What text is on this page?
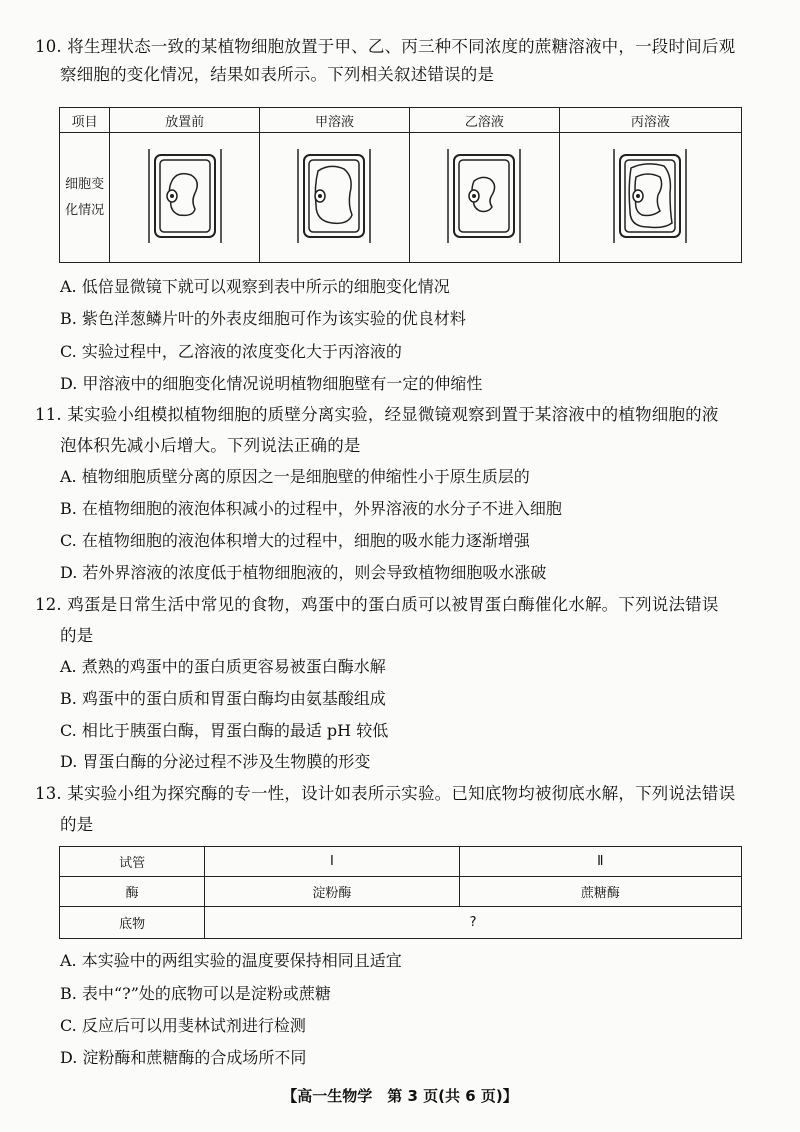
10. 将生理状态一致的某植物细胞放置于甲、乙、丙三种不同浓度的蔗糖溶液中，一段时间后观
察细胞的变化情况，结果如表所示。下列相关叙述错误的是
项目	放置前	甲溶液	乙溶液	丙溶液

细胞变
化情况

A. 低倍显微镜下就可以观察到表中所示的细胞变化情况
B. 紫色洋葱鳞片叶的外表皮细胞可作为该实验的优良材料
C. 实验过程中，乙溶液的浓度变化大于丙溶液的
D. 甲溶液中的细胞变化情况说明植物细胞壁有一定的伸缩性
11. 某实验小组模拟植物细胞的质壁分离实验，经显微镜观察到置于某溶液中的植物细胞的液
泡体积先减小后增大。下列说法正确的是
A. 植物细胞质壁分离的原因之一是细胞壁的伸缩性小于原生质层的
B. 在植物细胞的液泡体积减小的过程中，外界溶液的水分子不进入细胞
C. 在植物细胞的液泡体积增大的过程中，细胞的吸水能力逐渐增强
D. 若外界溶液的浓度低于植物细胞液的，则会导致植物细胞吸水涨破
12. 鸡蛋是日常生活中常见的食物，鸡蛋中的蛋白质可以被胃蛋白酶催化水解。下列说法错误
的是
A. 煮熟的鸡蛋中的蛋白质更容易被蛋白酶水解
B. 鸡蛋中的蛋白质和胃蛋白酶均由氨基酸组成
C. 相比于胰蛋白酶，胃蛋白酶的最适 pH 较低
D. 胃蛋白酶的分泌过程不涉及生物膜的形变
13. 某实验小组为探究酶的专一性，设计如表所示实验。已知底物均被彻底水解，下列说法错误
的是
试管	Ⅰ	Ⅱ
酶	淀粉酶	蔗糖酶
底物	?	
A. 本实验中的两组实验的温度要保持相同且适宜
B. 表中“?”处的底物可以是淀粉或蔗糖
C. 反应后可以用斐林试剂进行检测
D. 淀粉酶和蔗糖酶的合成场所不同
【高一生物学　第 3 页(共 6 页)】
